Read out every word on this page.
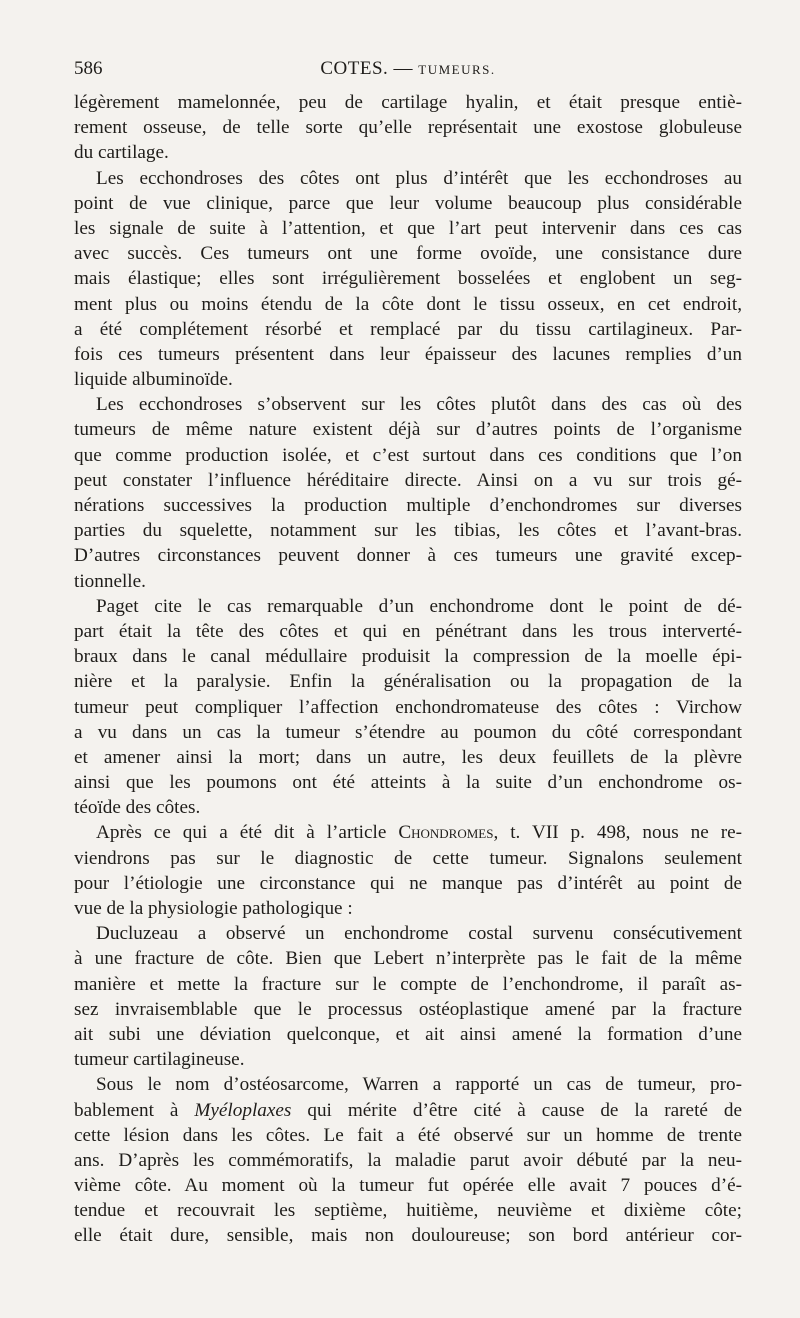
586	COTES. — TUMEURS.
légèrement mamelonnée, peu de cartilage hyalin, et était presque entiè-
rement osseuse, de telle sorte qu’elle représentait une exostose globuleuse
du cartilage.
Les ecchondroses des côtes ont plus d’intérêt que les ecchondroses au
point de vue clinique, parce que leur volume beaucoup plus considérable
les signale de suite à l’attention, et que l’art peut intervenir dans ces cas
avec succès. Ces tumeurs ont une forme ovoïde, une consistance dure
mais élastique; elles sont irrégulièrement bosselées et englobent un seg-
ment plus ou moins étendu de la côte dont le tissu osseux, en cet endroit,
a été complétement résorbé et remplacé par du tissu cartilagineux. Par-
fois ces tumeurs présentent dans leur épaisseur des lacunes remplies d’un
liquide albuminoïde.
Les ecchondroses s’observent sur les côtes plutôt dans des cas où des
tumeurs de même nature existent déjà sur d’autres points de l’organisme
que comme production isolée, et c’est surtout dans ces conditions que l’on
peut constater l’influence héréditaire directe. Ainsi on a vu sur trois gé-
nérations successives la production multiple d’enchondromes sur diverses
parties du squelette, notamment sur les tibias, les côtes et l’avant-bras.
D’autres circonstances peuvent donner à ces tumeurs une gravité excep-
tionnelle.
Paget cite le cas remarquable d’un enchondrome dont le point de dé-
part était la tête des côtes et qui en pénétrant dans les trous interverté-
braux dans le canal médullaire produisit la compression de la moelle épi-
nière et la paralysie. Enfin la généralisation ou la propagation de la
tumeur peut compliquer l’affection enchondromateuse des côtes : Virchow
a vu dans un cas la tumeur s’étendre au poumon du côté correspondant
et amener ainsi la mort; dans un autre, les deux feuillets de la plèvre
ainsi que les poumons ont été atteints à la suite d’un enchondrome os-
téoïde des côtes.
Après ce qui a été dit à l’article Chondromes, t. VII p. 498, nous ne re-
viendrons pas sur le diagnostic de cette tumeur. Signalons seulement
pour l’étiologie une circonstance qui ne manque pas d’intérêt au point de
vue de la physiologie pathologique :
Ducluzeau a observé un enchondrome costal survenu consécutivement
à une fracture de côte. Bien que Lebert n’interprète pas le fait de la même
manière et mette la fracture sur le compte de l’enchondrome, il paraît as-
sez invraisemblable que le processus ostéoplastique amené par la fracture
ait subi une déviation quelconque, et ait ainsi amené la formation d’une
tumeur cartilagineuse.
Sous le nom d’ostéosarcome, Warren a rapporté un cas de tumeur, pro-
bablement à Myéloplaxes qui mérite d’être cité à cause de la rareté de
cette lésion dans les côtes. Le fait a été observé sur un homme de trente
ans. D’après les commémoratifs, la maladie parut avoir débuté par la neu-
vième côte. Au moment où la tumeur fut opérée elle avait 7 pouces d’é-
tendue et recouvrait les septième, huitième, neuvième et dixième côte;
elle était dure, sensible, mais non douloureuse; son bord antérieur cor-
